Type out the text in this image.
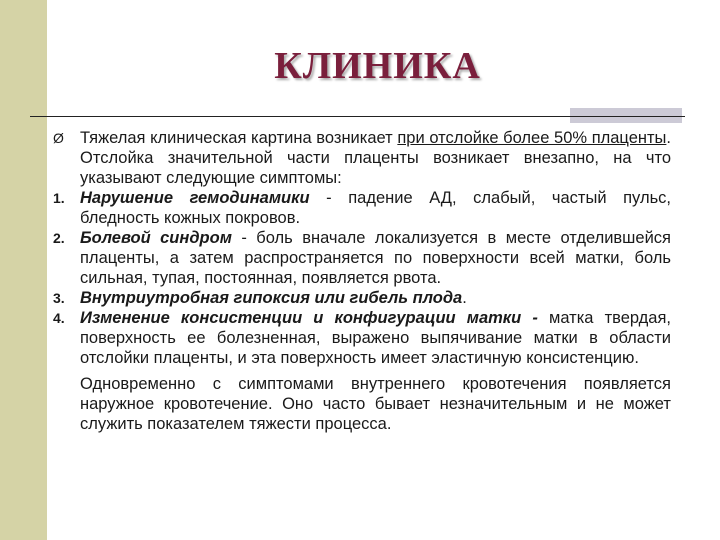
КЛИНИКА

Ø Тяжелая клиническая картина возникает при отслойке более 50% плаценты. Отслойка значительной части плаценты возникает внезапно, на что указывают следующие симптомы:

1. Нарушение гемодинамики - падение АД, слабый, частый пульс, бледность кожных покровов.

2. Болевой синдром - боль вначале локализуется в месте отделившейся плаценты, а затем распространяется по поверхности всей матки, боль сильная, тупая, постоянная, появляется рвота.

3. Внутриутробная гипоксия или гибель плода.

4. Изменение консистенции и конфигурации матки - матка твердая, поверхность ее болезненная, выражено выпячивание матки в области отслойки плаценты, и эта поверхность имеет эластичную консистенцию.

Одновременно с симптомами внутреннего кровотечения появляется наружное кровотечение. Оно часто бывает незначительным и не может служить показателем тяжести процесса.
